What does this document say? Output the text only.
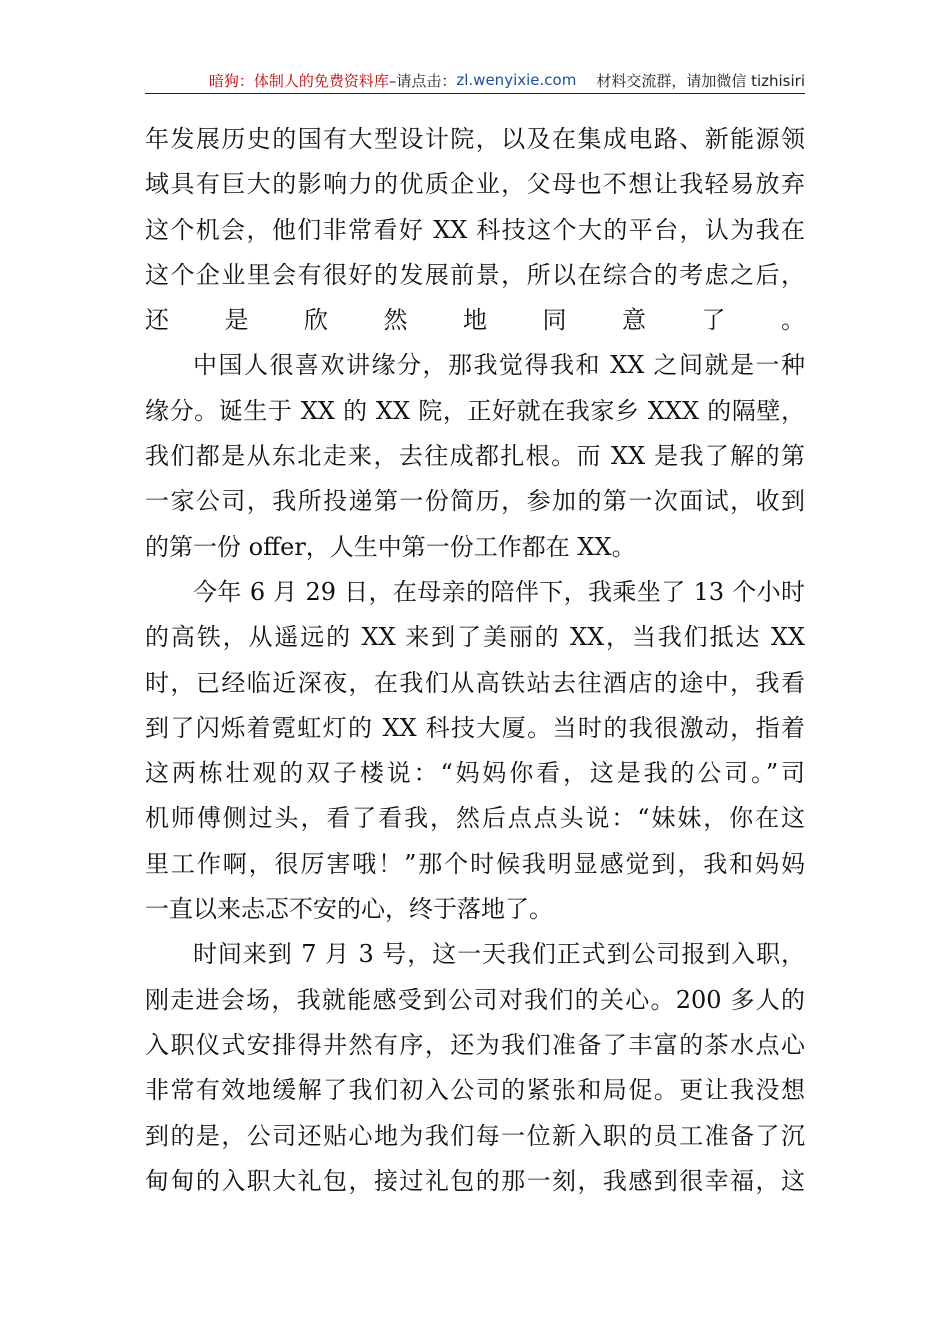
暗狗：体制人的免费资料库 –请点击： zl.wenyixie.com 材料交流群，请加微信 tizhisiri
年发展历史的国有大型设计院，以及在集成电路、新能源领
域具有巨大的影响力的优质企业，父母也不想让我轻易放弃
这个机会，他们非常看好 XX 科技这个大的平台，认为我在
这个企业里会有很好的发展前景，所以在综合的考虑之后，
还是欣然地同意了。
中国人很喜欢讲缘分，那我觉得我和 XX 之间就是一种
缘分。诞生于 XX 的 XX 院，正好就在我家乡 XXX 的隔壁，
我们都是从东北走来，去往成都扎根。而 XX 是我了解的第
一家公司，我所投递第一份简历，参加的第一次面试，收到
的第一份 offer，人生中第一份工作都在 XX。
今年 6 月 29 日，在母亲的陪伴下，我乘坐了 13 个小时
的高铁，从遥远的 XX 来到了美丽的 XX，当我们抵达 XX
时，已经临近深夜，在我们从高铁站去往酒店的途中，我看
到了闪烁着霓虹灯的 XX 科技大厦。当时的我很激动，指着
这两栋壮观的双子楼说：“妈妈你看，这是我的公司。”司
机师傅侧过头，看了看我，然后点点头说：“妹妹，你在这
里工作啊，很厉害哦！”那个时候我明显感觉到，我和妈妈
一直以来忐忑不安的心，终于落地了。
时间来到 7 月 3 号，这一天我们正式到公司报到入职，
刚走进会场，我就能感受到公司对我们的关心。200 多人的
入职仪式安排得井然有序，还为我们准备了丰富的茶水点心
非常有效地缓解了我们初入公司的紧张和局促。更让我没想
到的是，公司还贴心地为我们每一位新入职的员工准备了沉
甸甸的入职大礼包，接过礼包的那一刻，我感到很幸福，这
